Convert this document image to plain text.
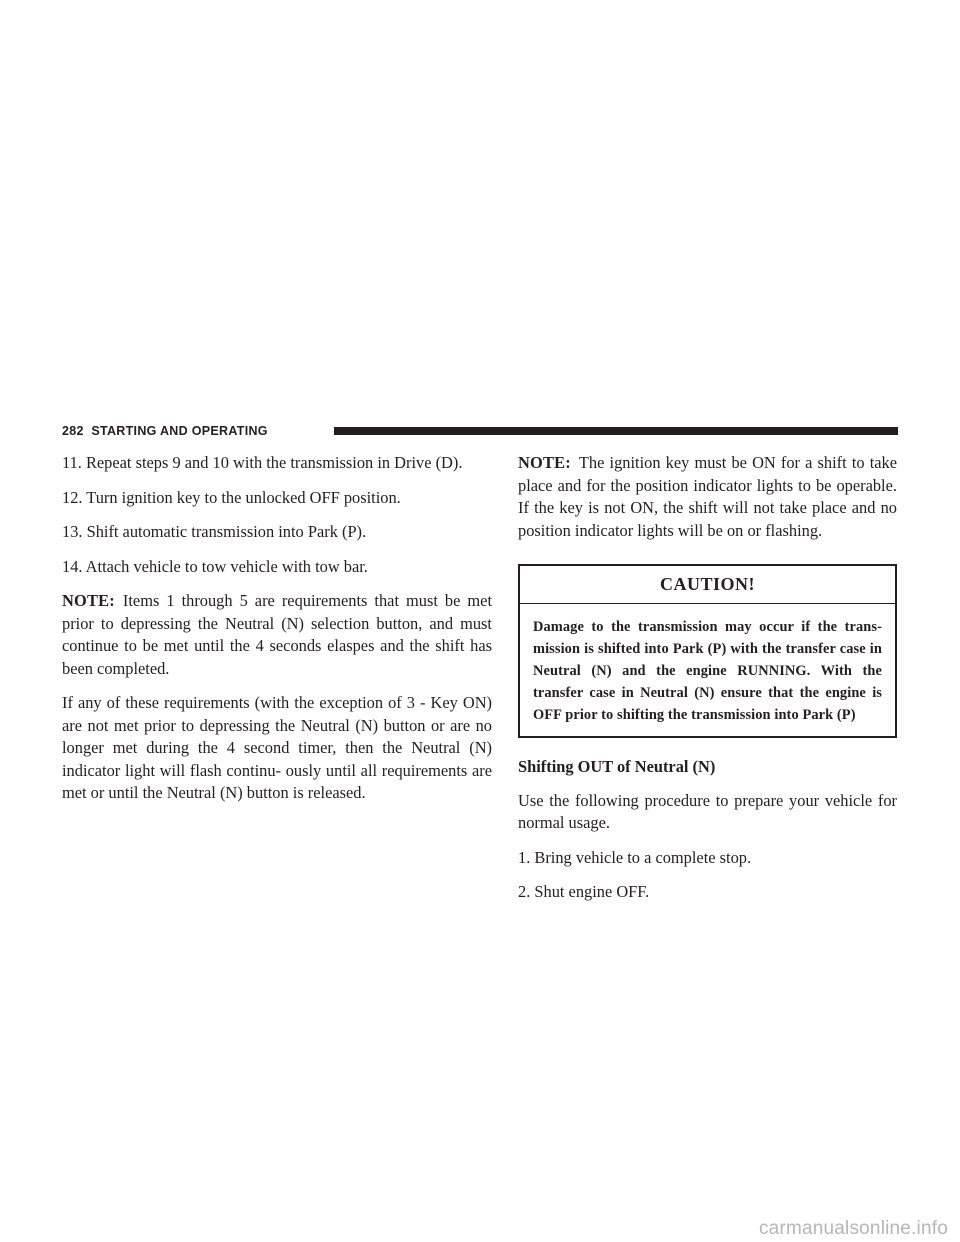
282 STARTING AND OPERATING

11. Repeat steps 9 and 10 with the transmission in Drive (D).

12. Turn ignition key to the unlocked OFF position.

13. Shift automatic transmission into Park (P).

14. Attach vehicle to tow vehicle with tow bar.

NOTE: Items 1 through 5 are requirements that must be met prior to depressing the Neutral (N) selection button, and must continue to be met until the 4 seconds elaspes and the shift has been completed.

If any of these requirements (with the exception of 3 - Key ON) are not met prior to depressing the Neutral (N) button or are no longer met during the 4 second timer, then the Neutral (N) indicator light will flash continu- ously until all requirements are met or until the Neutral (N) button is released.

NOTE: The ignition key must be ON for a shift to take place and for the position indicator lights to be operable. If the key is not ON, the shift will not take place and no position indicator lights will be on or flashing.

CAUTION!
Damage to the transmission may occur if the trans- mission is shifted into Park (P) with the transfer case in Neutral (N) and the engine RUNNING. With the transfer case in Neutral (N) ensure that the engine is OFF prior to shifting the transmission into Park (P)

Shifting OUT of Neutral (N)

Use the following procedure to prepare your vehicle for normal usage.

1. Bring vehicle to a complete stop.

2. Shut engine OFF.

carmanualsonline.info
